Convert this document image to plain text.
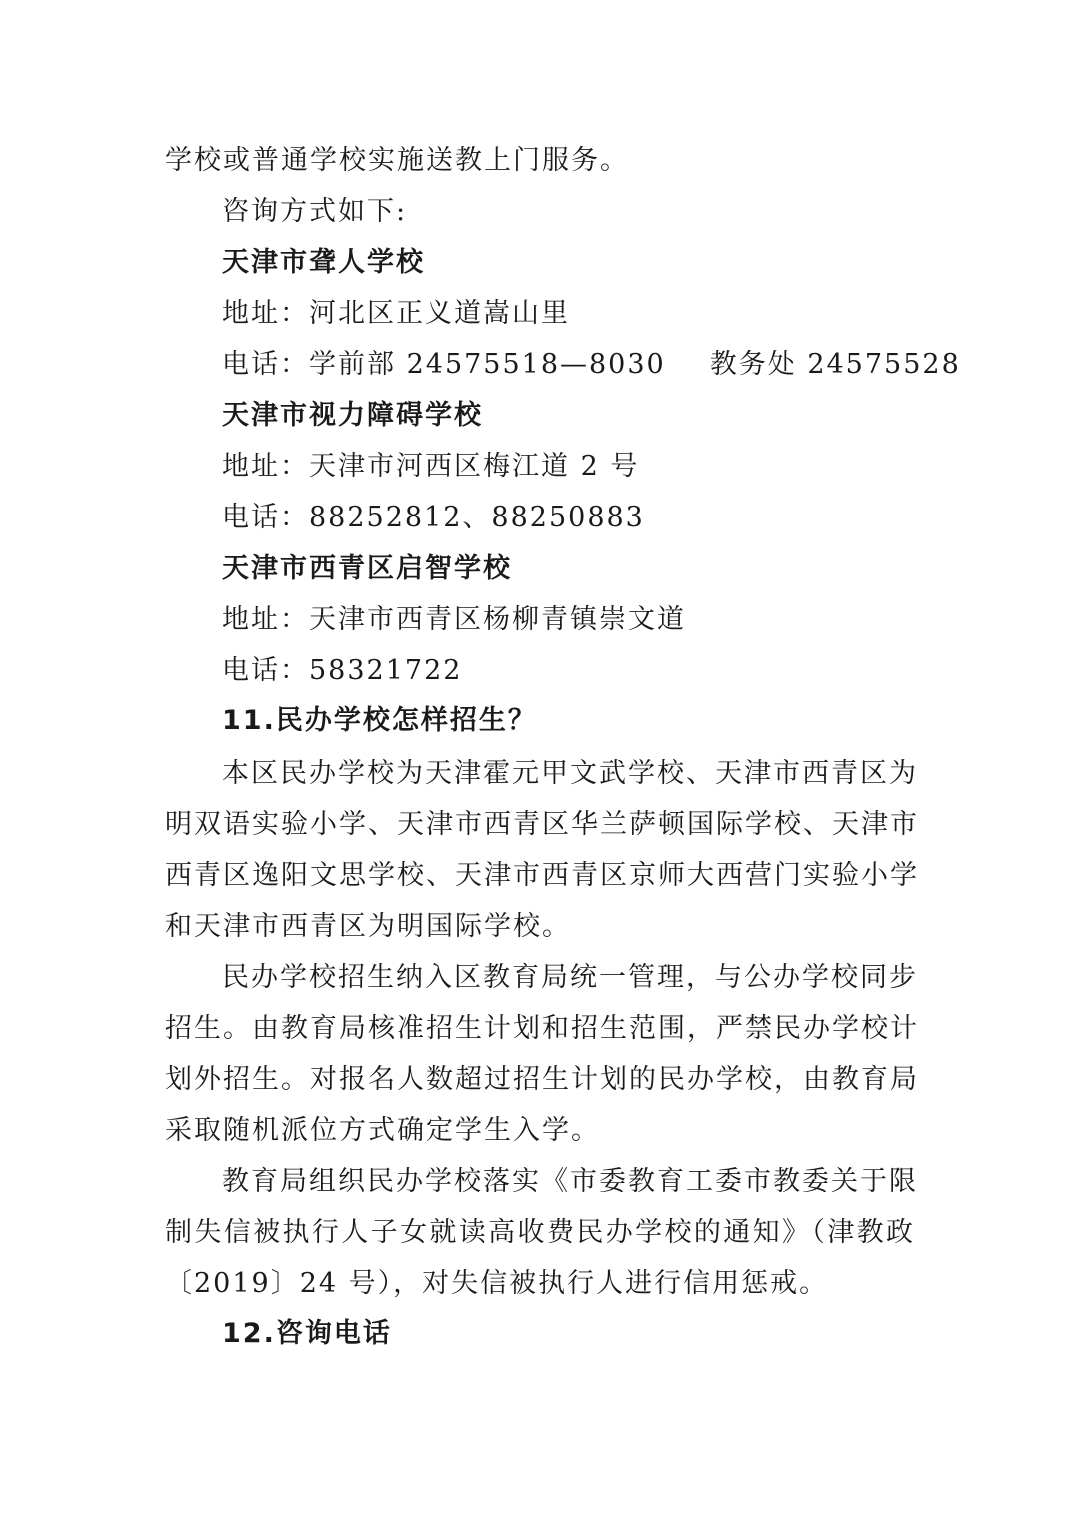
学校或普通学校实施送教上门服务。

咨询方式如下:

天津市聋人学校

地址：河北区正义道嵩山里

电话：学前部 24575518—8030 教务处 24575528

天津市视力障碍学校

地址：天津市河西区梅江道 2 号

电话：88252812、88250883

天津市西青区启智学校

地址：天津市西青区杨柳青镇崇文道

电话：58321722

11.民办学校怎样招生？

本区民办学校为天津霍元甲文武学校、天津市西青区为

明双语实验小学、天津市西青区华兰萨顿国际学校、天津市

西青区逸阳文思学校、天津市西青区京师大西营门实验小学

和天津市西青区为明国际学校。

民办学校招生纳入区教育局统一管理，与公办学校同步

招生。由教育局核准招生计划和招生范围，严禁民办学校计

划外招生。对报名人数超过招生计划的民办学校，由教育局

采取随机派位方式确定学生入学。

教育局组织民办学校落实《市委教育工委市教委关于限

制失信被执行人子女就读高收费民办学校的通知》（津教政

〔2019〕24 号），对失信被执行人进行信用惩戒。

12.咨询电话
